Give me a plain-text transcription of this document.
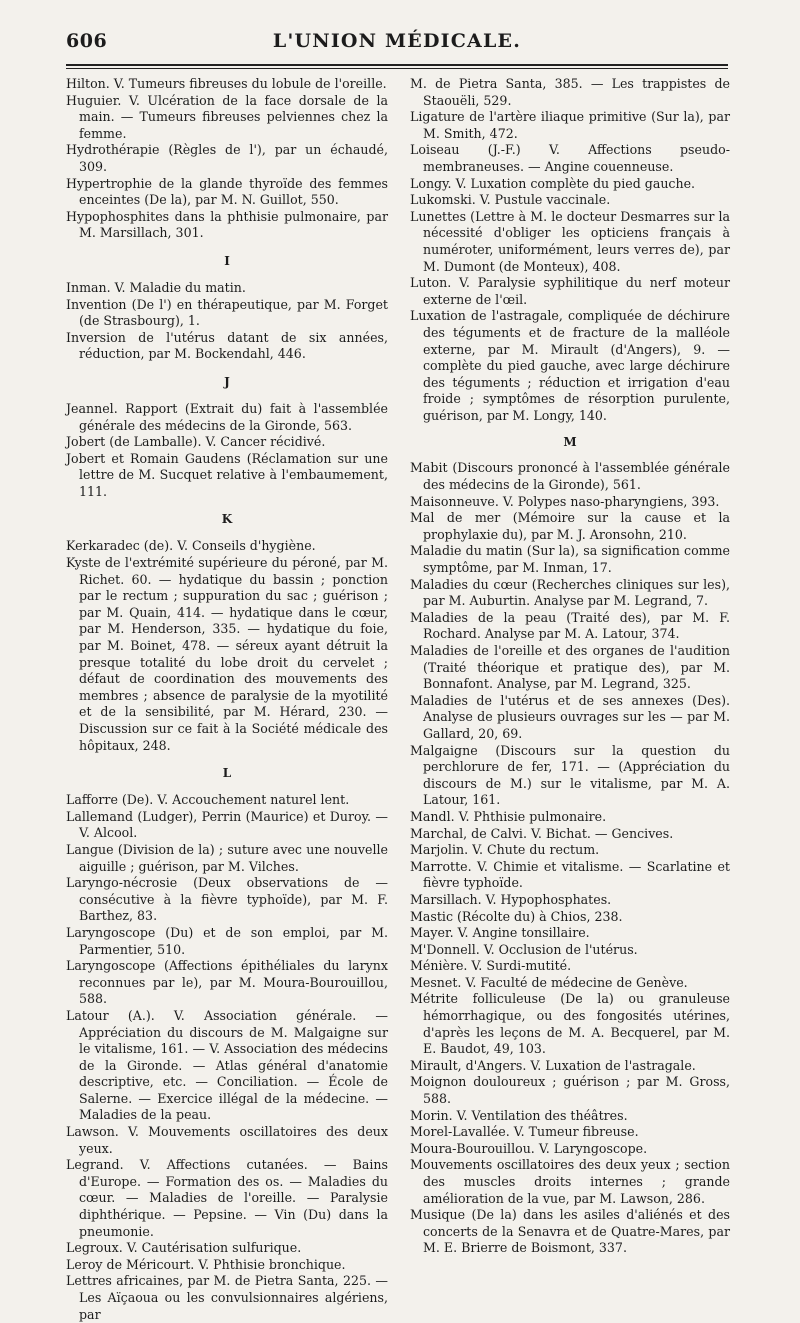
606	L'UNION MÉDICALE.
Hilton. V. Tumeurs fibreuses du lobule de l'oreille.
Huguier. V. Ulcération de la face dorsale de la main. — Tumeurs fibreuses pelviennes chez la femme.
Hydrothérapie (Règles de l'), par un échaudé, 309.
Hypertrophie de la glande thyroïde des femmes enceintes (De la), par M. N. Guillot, 550.
Hypophosphites dans la phthisie pulmonaire, par M. Marsillach, 301.
I
Inman. V. Maladie du matin.
Invention (De l') en thérapeutique, par M. Forget (de Strasbourg), 1.
Inversion de l'utérus datant de six années, réduction, par M. Bockendahl, 446.
J
Jeannel. Rapport (Extrait du) fait à l'assemblée générale des médecins de la Gironde, 563.
Jobert (de Lamballe). V. Cancer récidivé.
Jobert et Romain Gaudens (Réclamation sur une lettre de M. Sucquet relative à l'embaumement, 111.
K
Kerkaradec (de). V. Conseils d'hygiène.
Kyste de l'extrémité supérieure du péroné, par M. Richet. 60. — hydatique du bassin ; ponction par le rectum ; suppuration du sac ; guérison ; par M. Quain, 414. — hydatique dans le cœur, par M. Henderson, 335. — hydatique du foie, par M. Boinet, 478. — séreux ayant détruit la presque totalité du lobe droit du cervelet ; défaut de coordination des mouvements des membres ; absence de paralysie de la myotilité et de la sensibilité, par M. Hérard, 230. — Discussion sur ce fait à la Société médicale des hôpitaux, 248.
L
Lafforre (De). V. Accouchement naturel lent.
Lallemand (Ludger), Perrin (Maurice) et Duroy. — V. Alcool.
Langue (Division de la) ; suture avec une nouvelle aiguille ; guérison, par M. Vilches.
Laryngo-nécrosie (Deux observations de — consécutive à la fièvre typhoïde), par M. F. Barthez, 83.
Laryngoscope (Du) et de son emploi, par M. Parmentier, 510.
Laryngoscope (Affections épithéliales du larynx reconnues par le), par M. Moura-Bourouillou, 588.
Latour (A.). V. Association générale. — Appréciation du discours de M. Malgaigne sur le vitalisme, 161. — V. Association des médecins de la Gironde. — Atlas général d'anatomie descriptive, etc. — Conciliation. — École de Salerne. — Exercice illégal de la médecine. — Maladies de la peau.
Lawson. V. Mouvements oscillatoires des deux yeux.
Legrand. V. Affections cutanées. — Bains d'Europe. — Formation des os. — Maladies du cœur. — Maladies de l'oreille. — Paralysie diphthérique. — Pepsine. — Vin (Du) dans la pneumonie.
Legroux. V. Cautérisation sulfurique.
Leroy de Méricourt. V. Phthisie bronchique.
Lettres africaines, par M. de Pietra Santa, 225. — Les Aïçaoua ou les convulsionnaires algériens, par
M. de Pietra Santa, 385. — Les trappistes de Staouëli, 529.
Ligature de l'artère iliaque primitive (Sur la), par M. Smith, 472.
Loiseau (J.-F.) V. Affections pseudo-membraneuses. — Angine couenneuse.
Longy. V. Luxation complète du pied gauche.
Lukomski. V. Pustule vaccinale.
Lunettes (Lettre à M. le docteur Desmarres sur la nécessité d'obliger les opticiens français à numéroter, uniformément, leurs verres de), par M. Dumont (de Monteux), 408.
Luton. V. Paralysie syphilitique du nerf moteur externe de l'œil.
Luxation de l'astragale, compliquée de déchirure des téguments et de fracture de la malléole externe, par M. Mirault (d'Angers), 9. — complète du pied gauche, avec large déchirure des téguments ; réduction et irrigation d'eau froide ; symptômes de résorption purulente, guérison, par M. Longy, 140.
M
Mabit (Discours prononcé à l'assemblée générale des médecins de la Gironde), 561.
Maisonneuve. V. Polypes naso-pharyngiens, 393.
Mal de mer (Mémoire sur la cause et la prophylaxie du), par M. J. Aronsohn, 210.
Maladie du matin (Sur la), sa signification comme symptôme, par M. Inman, 17.
Maladies du cœur (Recherches cliniques sur les), par M. Auburtin. Analyse par M. Legrand, 7.
Maladies de la peau (Traité des), par M. F. Rochard. Analyse par M. A. Latour, 374.
Maladies de l'oreille et des organes de l'audition (Traité théorique et pratique des), par M. Bonnafont. Analyse, par M. Legrand, 325.
Maladies de l'utérus et de ses annexes (Des). Analyse de plusieurs ouvrages sur les — par M. Gallard, 20, 69.
Malgaigne (Discours sur la question du perchlorure de fer, 171. — (Appréciation du discours de M.) sur le vitalisme, par M. A. Latour, 161.
Mandl. V. Phthisie pulmonaire.
Marchal, de Calvi. V. Bichat. — Gencives.
Marjolin. V. Chute du rectum.
Marrotte. V. Chimie et vitalisme. — Scarlatine et fièvre typhoïde.
Marsillach. V. Hypophosphates.
Mastic (Récolte du) à Chios, 238.
Mayer. V. Angine tonsillaire.
M'Donnell. V. Occlusion de l'utérus.
Ménière. V. Surdi-mutité.
Mesnet. V. Faculté de médecine de Genève.
Métrite folliculeuse (De la) ou granuleuse hémorrhagique, ou des fongosités utérines, d'après les leçons de M. A. Becquerel, par M. E. Baudot, 49, 103.
Mirault, d'Angers. V. Luxation de l'astragale.
Moignon douloureux ; guérison ; par M. Gross, 588.
Morin. V. Ventilation des théâtres.
Morel-Lavallée. V. Tumeur fibreuse.
Moura-Bourouillou. V. Laryngoscope.
Mouvements oscillatoires des deux yeux ; section des muscles droits internes ; grande amélioration de la vue, par M. Lawson, 286.
Musique (De la) dans les asiles d'aliénés et des concerts de la Senavra et de Quatre-Mares, par M. E. Brierre de Boismont, 337.
